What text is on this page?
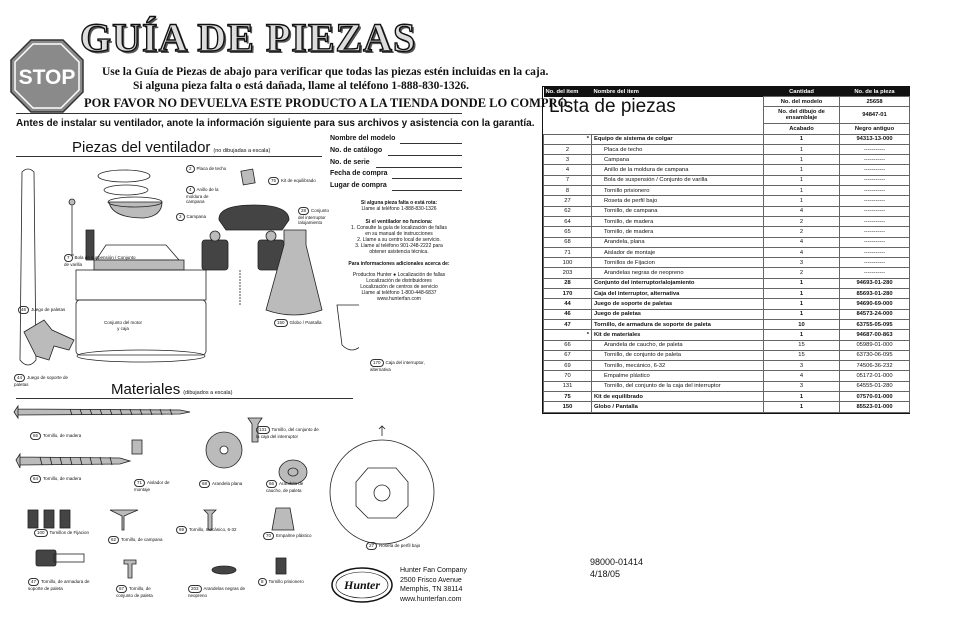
STOP
GUÍA DE PIEZAS
Use la Guía de Piezas de abajo para verificar que todas las piezas estén incluidas en la caja.
Si alguna pieza falta o está dañada, llame al teléfono 1-888-830-1326.
POR FAVOR NO DEVUELVA ESTE PRODUCTO A LA TIENDA DONDE LO COMPRÓ.
Antes de instalar su ventilador, anote la información siguiente para sus archivos y asistencia con la garantía.
Piezas del ventilador (no dibujadas a escala)
2 Placa de techo
4 Anillo de la moldura de campana
3 Campana
75 Kit de equilibrado
7 Bola de suspensión / Conjunto de varilla
28 Conjunto del interruptor /alojamiento
46 Juego de paletas
44 Juego de soporte de paletas
Conjunto del motor y caja
150 Globo / Pantalla
170 Caja del interruptor, alternativa
Nombre del modelo
No. de catálogo
No. de serie
Fecha de compra
Lugar de compra
Si alguna pieza falta o está rota:
Llame al teléfono 1-888-830-1326
Si el ventilador no funciona:
1. Consulte la guía de localización de fallas
en su manual de instrucciones
2. Llame a su centro local de servicio.
3. Llame al teléfono 901-248-2222 para
obtener asistencia técnica.
Para informaciones adicionales acerca de:
Productos Hunter ● Localización de fallas
Localización de distribuidores
Localización de centros de servicio
Llame al teléfono 1-800-448-6837
www.hunterfan.com
Materiales (dibujados a escala)
65 Tornillo, de madera
64 Tornillo, de madera
100 Tornillos de Fijacion
47 Tornillo, de armadura de soporte de paleta
71 Aislador de montaje
62 Tornillo, de campana
67 Tornillo, de conjunto de paleta
68 Arandela plana
203 Arandelas negras de neopreno
131 Tornillo, del conjunto de la caja del interruptor
66 Arandela de caucho, de paleta
69 Tornillo, mecánico, 6-32
70 Empalme plástico
8 Tornillo prisionero
27 Roseta de perfil bajo
Hunter
Hunter Fan Company
2500 Frisco Avenue
Memphis, TN 38114
www.hunterfan.com
98000-01414
4/18/05
		No. del modelo	25658
		No. del dibujo de ensamblaje	94847-01
		Acabado	Negro antiguo
No. del item	Nombre del item	Cantidad	No. de la pieza
*	Equipo de sistema de colgar	1	94313-13-000
2	Placa de techo	1	-----------
3	Campana	1	-----------
4	Anillo de la moldura de campana	1	-----------
7	Bola de suspensión / Conjunto de varilla	1	-----------
8	Tornillo prisionero	1	-----------
27	Roseta de perfil bajo	1	-----------
62	Tornillo, de campana	4	-----------
64	Tornillo, de madera	2	-----------
65	Tornillo, de madera	2	-----------
68	Arandela, plana	4	-----------
71	Aislador de montaje	4	-----------
100	Tornillos de Fijacion	3	-----------
203	Arandelas negras de neopreno	2	-----------
28	Conjunto del interruptor/alojamiento	1	94693-01-280
170	Caja del interruptor, alternativa	1	85693-01-280
44	Juego de soporte de paletas	1	94690-69-000
46	Juego de paletas	1	84573-24-000
47	Tornillo, de armadura de soporte de paleta	10	63755-05-095
*	Kit de materiales	1	94687-00-863
66	Arandela de caucho, de paleta	15	05989-01-000
67	Tornillo, de conjunto de paleta	15	63730-06-095
69	Tornillo, mecánico, 6-32	3	74506-36-232
70	Empalme plástico	4	05172-01-000
131	Tornillo, del conjunto de la caja del interruptor	3	64555-01-280
75	Kit de equilibrado	1	07570-01-000
150	Globo / Pantalla	1	85523-01-000
Lista de piezas
